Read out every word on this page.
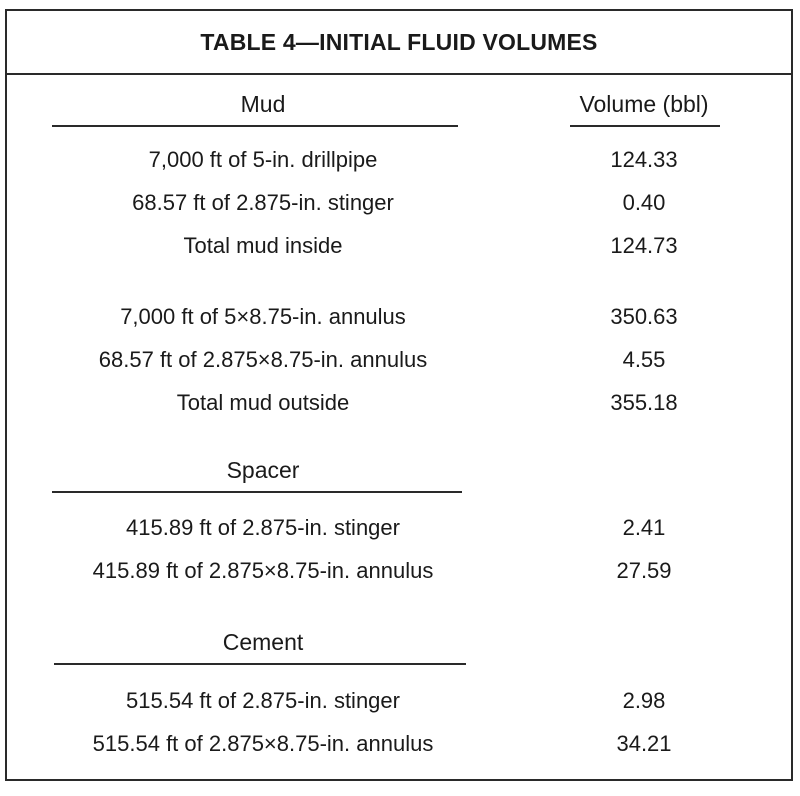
TABLE 4—INITIAL FLUID VOLUMES
Mud	Volume (bbl)
7,000 ft of 5-in. drillpipe	124.33
68.57 ft of 2.875-in. stinger	0.40
Total mud inside	124.73
7,000 ft of 5×8.75-in. annulus	350.63
68.57 ft of 2.875×8.75-in. annulus	4.55
Total mud outside	355.18
Spacer
415.89 ft of 2.875-in. stinger	2.41
415.89 ft of 2.875×8.75-in. annulus	27.59
Cement
515.54 ft of 2.875-in. stinger	2.98
515.54 ft of 2.875×8.75-in. annulus	34.21
